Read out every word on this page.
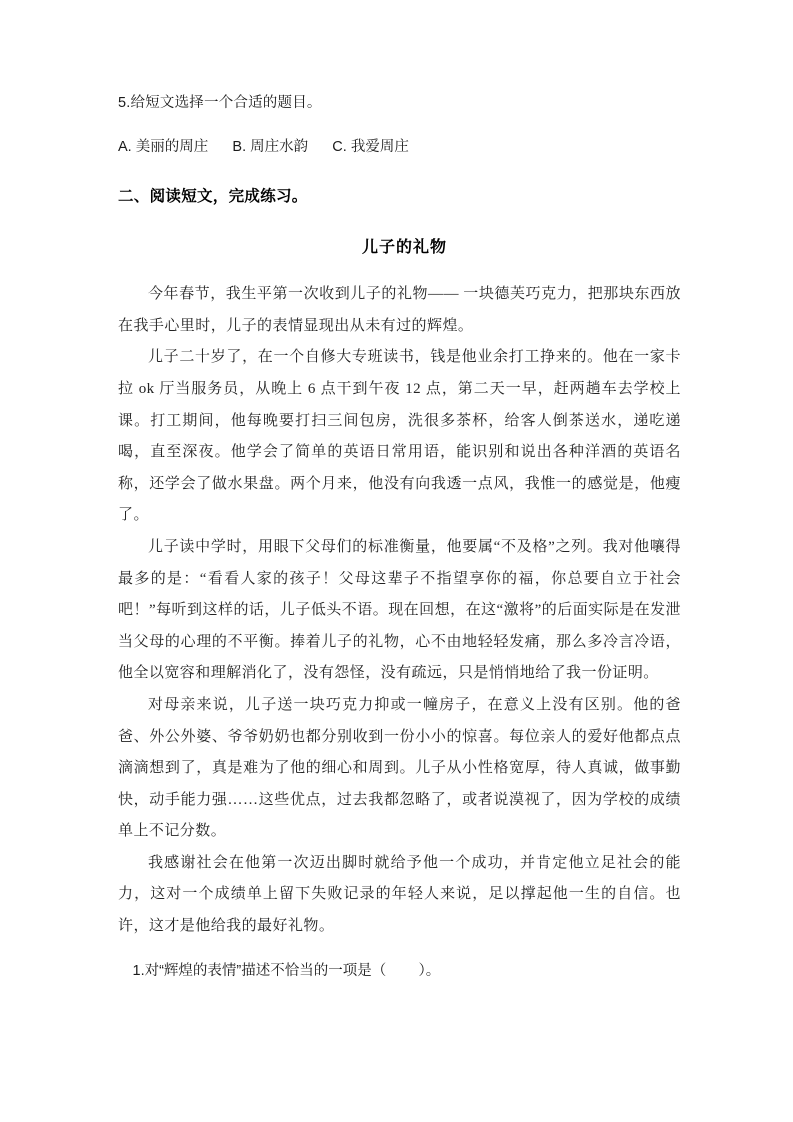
5.给短文选择一个合适的题目。
A. 美丽的周庄      B. 周庄水韵      C. 我爱周庄
二、阅读短文，完成练习。
儿子的礼物

今年春节，我生平第一次收到儿子的礼物—— 一块德芙巧克力，把那块东西放在我手心里时，儿子的表情显现出从未有过的辉煌。

儿子二十岁了，在一个自修大专班读书，钱是他业余打工挣来的。他在一家卡拉 ok 厅当服务员，从晚上 6 点干到午夜 12 点，第二天一早，赶两趟车去学校上课。打工期间，他每晚要打扫三间包房，洗很多茶杯，给客人倒茶送水，递吃递喝，直至深夜。他学会了简单的英语日常用语，能识别和说出各种洋酒的英语名称，还学会了做水果盘。两个月来，他没有向我透一点风，我惟一的感觉是，他瘦了。

儿子读中学时，用眼下父母们的标准衡量，他要属“不及格”之列。我对他嚷得最多的是：“看看人家的孩子！父母这辈子不指望享你的福，你总要自立于社会吧！”每听到这样的话，儿子低头不语。现在回想，在这“激将”的后面实际是在发泄当父母的心理的不平衡。捧着儿子的礼物，心不由地轻轻发痛，那么多冷言冷语，他全以宽容和理解消化了，没有怨怪，没有疏远，只是悄悄地给了我一份证明。

对母亲来说，儿子送一块巧克力抑或一幢房子，在意义上没有区别。他的爸爸、外公外婆、爷爷奶奶也都分别收到一份小小的惊喜。每位亲人的爱好他都点点滴滴想到了，真是难为了他的细心和周到。儿子从小性格宽厚，待人真诚，做事勤快，动手能力强……这些优点，过去我都忽略了，或者说漠视了，因为学校的成绩单上不记分数。

我感谢社会在他第一次迈出脚时就给予他一个成功，并肯定他立足社会的能力，这对一个成绩单上留下失败记录的年轻人来说，足以撑起他一生的自信。也许，这才是他给我的最好礼物。

1.对“辉煌的表情”描述不恰当的一项是（        ）。
